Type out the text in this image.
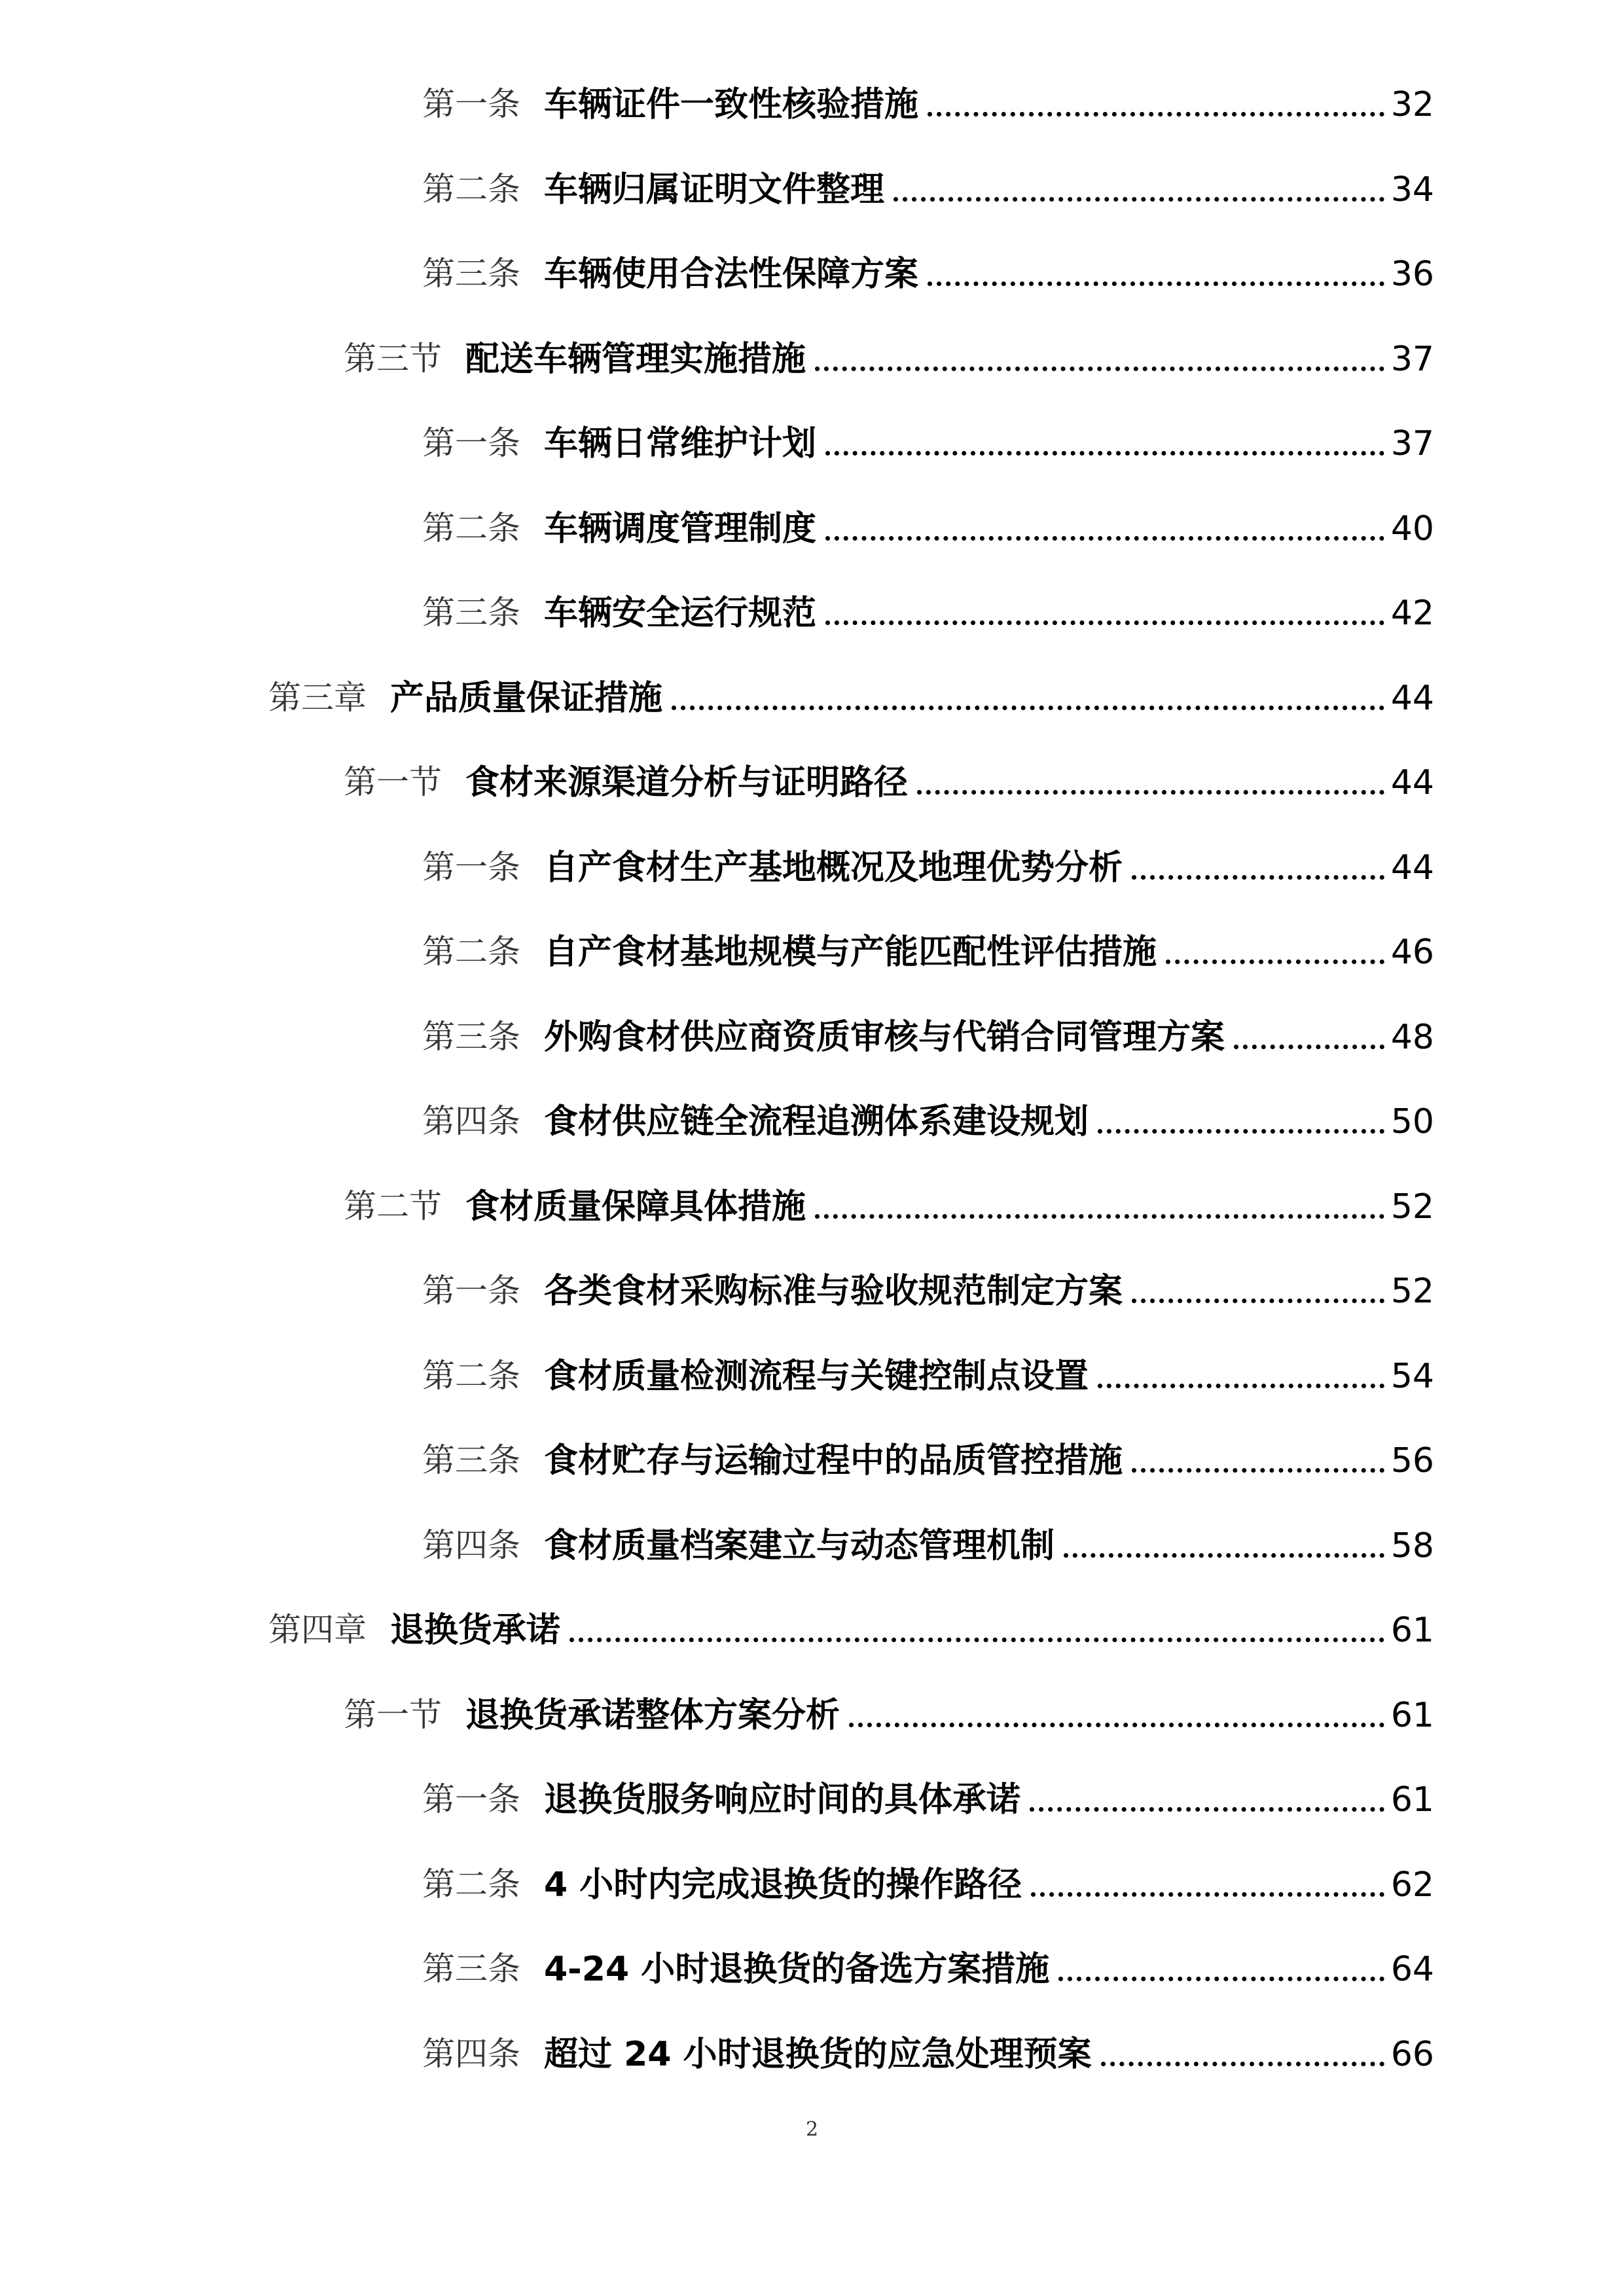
第一条 车辆证件一致性核验措施	32
第二条 车辆归属证明文件整理	34
第三条 车辆使用合法性保障方案	36
第三节 配送车辆管理实施措施	37
第一条 车辆日常维护计划	37
第二条 车辆调度管理制度	40
第三条 车辆安全运行规范	42
第三章 产品质量保证措施	44
第一节 食材来源渠道分析与证明路径	44
第一条 自产食材生产基地概况及地理优势分析	44
第二条 自产食材基地规模与产能匹配性评估措施	46
第三条 外购食材供应商资质审核与代销合同管理方案	48
第四条 食材供应链全流程追溯体系建设规划	50
第二节 食材质量保障具体措施	52
第一条 各类食材采购标准与验收规范制定方案	52
第二条 食材质量检测流程与关键控制点设置	54
第三条 食材贮存与运输过程中的品质管控措施	56
第四条 食材质量档案建立与动态管理机制	58
第四章 退换货承诺	61
第一节 退换货承诺整体方案分析	61
第一条 退换货服务响应时间的具体承诺	61
第二条 4 小时内完成退换货的操作路径	62
第三条 4-24 小时退换货的备选方案措施	64
第四条 超过 24 小时退换货的应急处理预案	66
2
